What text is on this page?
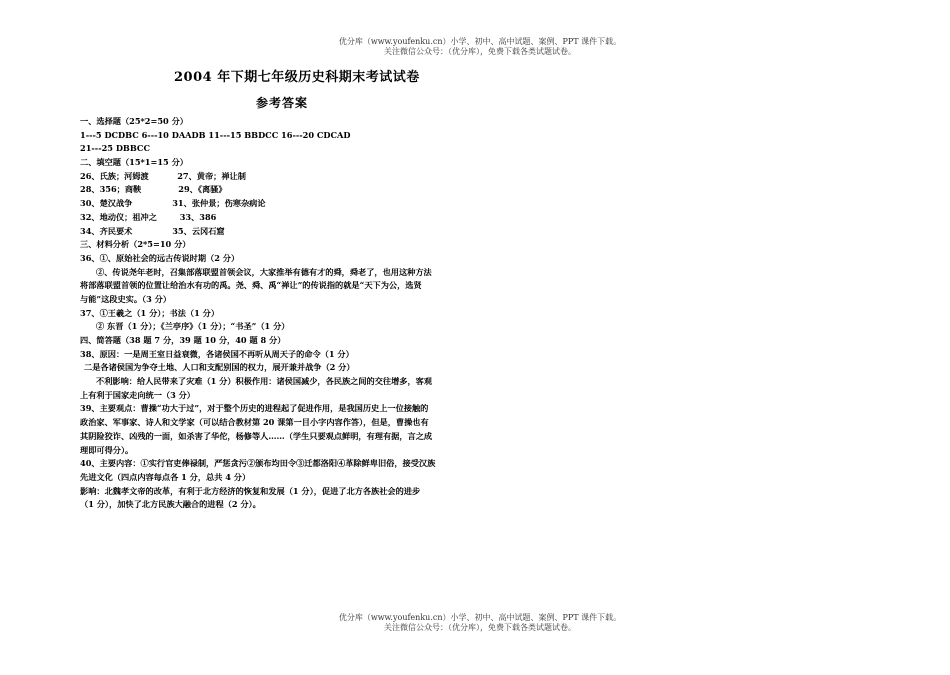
优分库（www.youfenku.cn）小学、初中、高中试题、案例、PPT 课件下载。
关注微信公众号：（优分库），免费下载各类试题试卷。
2004 年下期七年级历史科期末考试试卷
参考答案
一、选择题（25*2=50 分）
1---5 DCDBC 6---10 DAADB 11---15 BBDCC 16---20 CDCAD
21---25 DBBCC
二、填空题（15*1=15 分）
26、氏族；河姆渡          27、黄帝；禅让制
28、356；商鞅             29、《离骚》
30、楚汉战争              31、张仲景；伤寒杂病论
32、地动仪；祖冲之        33、386
34、齐民要术              35、云冈石窟
三、材料分析（2*5=10 分）
36、①、原始社会的远古传说时期（2 分）
②、传说尧年老时，召集部落联盟首领会议，大家推举有德有才的舜，舜老了，也用这种方法
将部落联盟首领的位置让给治水有功的禹。尧、舜、禹“禅让”的传说指的就是“天下为公，选贤
与能”这段史实。（3 分）
37、①王羲之（1 分）；书法（1 分）
② 东晋（1 分）；《兰亭序》（1 分）；“书圣”（1 分）
四、简答题（38 题 7 分，39 题 10 分，40 题 8 分）
38、原因：一是周王室日益衰微，各诸侯国不再听从周天子的命令（1 分）
二是各诸侯国为争夺土地、人口和支配别国的权力，展开兼并战争（2 分）
不利影响：给人民带来了灾难（1 分）积极作用：诸侯国减少，各民族之间的交往增多，客观
上有利于国家走向统一（3 分）
39、主要观点：曹操“功大于过”，对于整个历史的进程起了促进作用，是我国历史上一位接触的
政治家、军事家、诗人和文学家（可以结合教材第 20 课第一目小字内容作答），但是，曹操也有
其阴险狡诈、凶残的一面，如杀害了华佗，杨修等人……（学生只要观点鲜明，有理有据，言之成
理即可得分）。
40、主要内容：①实行官吏俸禄制，严惩贪污②颁布均田令③迁都洛阳④革除鲜卑旧俗，接受汉族
先进文化（四点内容每点各 1 分，总共 4 分）
影响：北魏孝文帝的改革，有利于北方经济的恢复和发展（1 分），促进了北方各族社会的进步
（1 分），加快了北方民族大融合的进程（2 分）。
优分库（www.youfenku.cn）小学、初中、高中试题、案例、PPT 课件下载。
关注微信公众号：（优分库），免费下载各类试题试卷。
